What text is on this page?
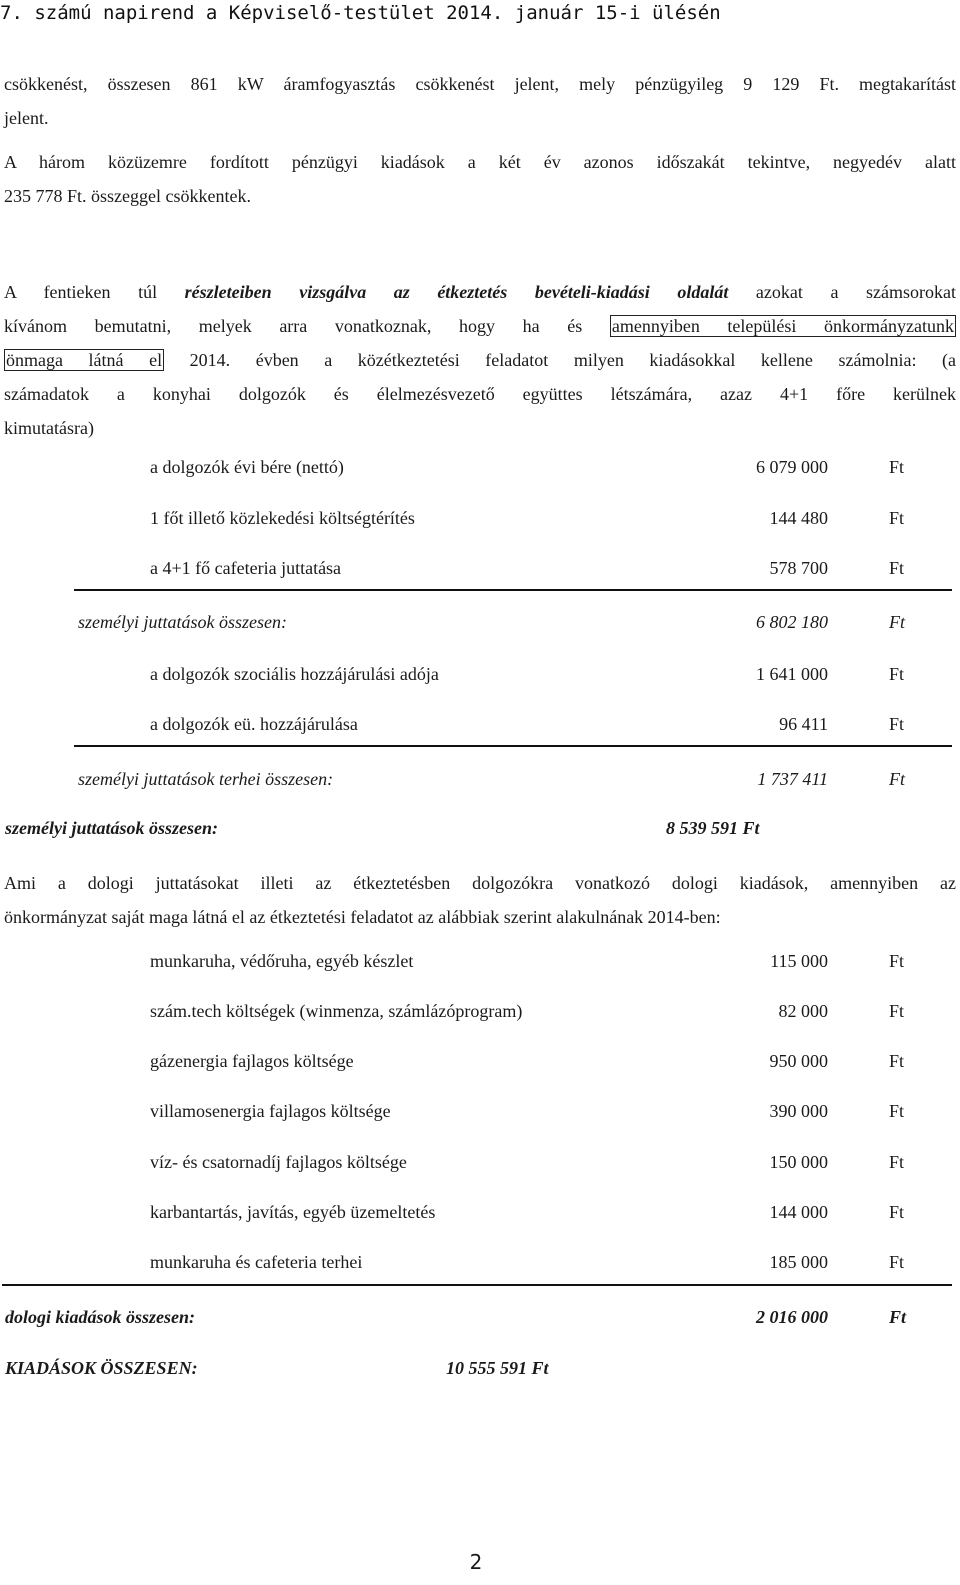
7. számú napirend a Képviselő-testület 2014. január 15-i ülésén
csökkenést, összesen 861 kW áramfogyasztás csökkenést jelent, mely pénzügyileg 9 129 Ft. megtakarítást
jelent.
A három közüzemre fordított pénzügyi kiadások a két év azonos időszakát tekintve, negyedév alatt
235 778 Ft. összeggel csökkentek.
A fentieken túl részleteiben vizsgálva az étkeztetés bevételi-kiadási oldalát azokat a számsorokat
kívánom bemutatni, melyek arra vonatkoznak, hogy ha és amennyiben települési önkormányzatunk
önmaga látná el 2014. évben a közétkeztetési feladatot milyen kiadásokkal kellene számolnia: (a
számadatok a konyhai dolgozók és élelmezésvezető együttes létszámára, azaz 4+1 főre kerülnek
kimutatásra)
a dolgozók évi bére (nettó)	6 079 000	Ft
1 főt illető közlekedési költségtérítés	144 480	Ft
a 4+1 fő cafeteria juttatása	578 700	Ft
személyi juttatások összesen:	6 802 180	Ft
a dolgozók szociális hozzájárulási adója	1 641 000	Ft
a dolgozók eü. hozzájárulása	96 411	Ft
személyi juttatások terhei összesen:	1 737 411	Ft
személyi juttatások összesen:	8 539 591 Ft
Ami a dologi juttatásokat illeti az étkeztetésben dolgozókra vonatkozó dologi kiadások, amennyiben az
önkormányzat saját maga látná el az étkeztetési feladatot az alábbiak szerint alakulnának 2014-ben:
munkaruha, védőruha, egyéb készlet	115 000	Ft
szám.tech költségek (winmenza, számlázóprogram)	82 000	Ft
gázenergia fajlagos költsége	950 000	Ft
villamosenergia fajlagos költsége	390 000	Ft
víz- és csatornadíj fajlagos költsége	150 000	Ft
karbantartás, javítás, egyéb üzemeltetés	144 000	Ft
munkaruha és cafeteria terhei	185 000	Ft
dologi kiadások összesen:	2 016 000	Ft
KIADÁSOK ÖSSZESEN:	10 555 591 Ft
2
